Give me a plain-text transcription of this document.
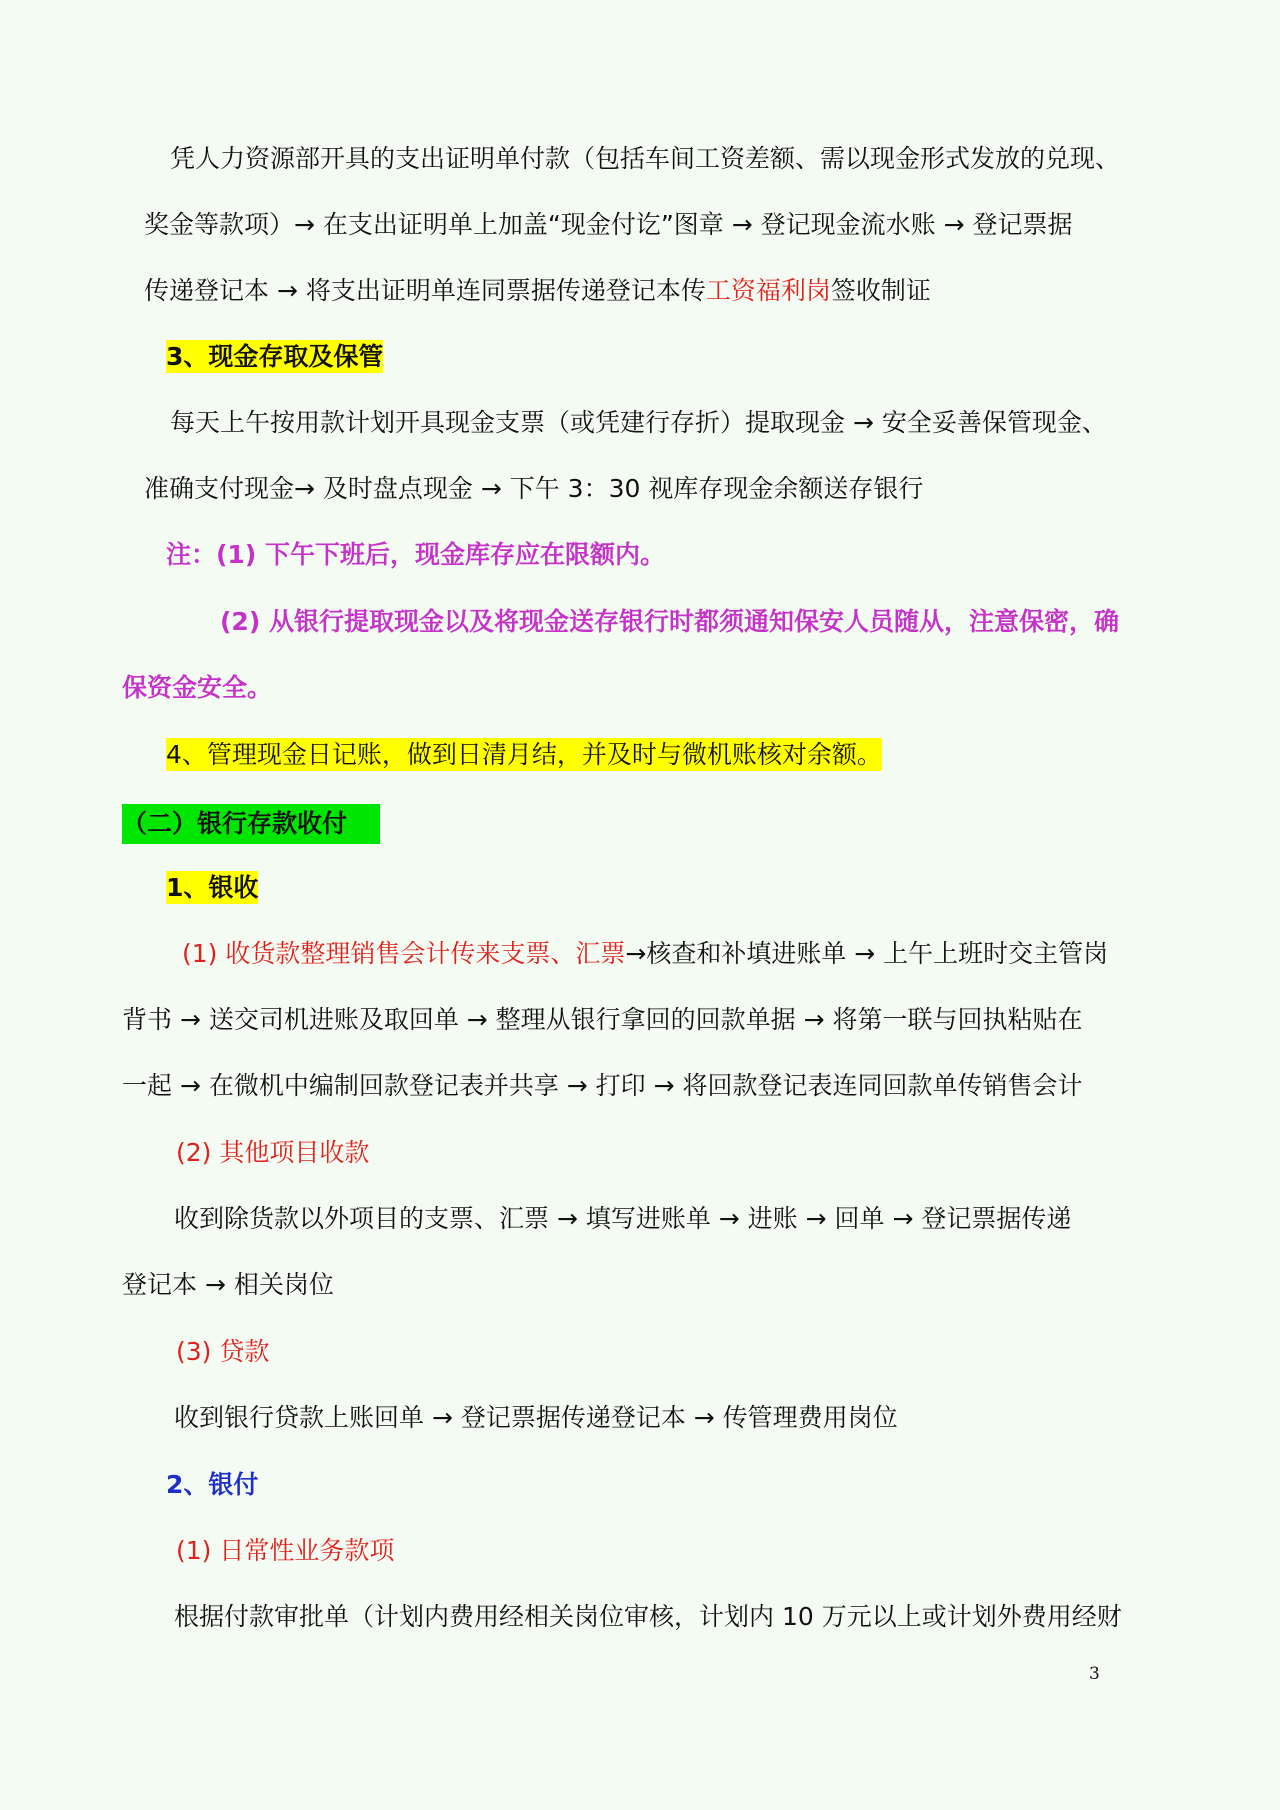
凭人力资源部开具的支出证明单付款（包括车间工资差额、需以现金形式发放的兑现、
奖金等款项）→ 在支出证明单上加盖“现金付讫”图章 → 登记现金流水账 → 登记票据
传递登记本 → 将支出证明单连同票据传递登记本传工资福利岗签收制证
3、现金存取及保管
每天上午按用款计划开具现金支票（或凭建行存折）提取现金 → 安全妥善保管现金、
准确支付现金→ 及时盘点现金 → 下午 3：30 视库存现金余额送存银行
注：(1) 下午下班后，现金库存应在限额内。
(2) 从银行提取现金以及将现金送存银行时都须通知保安人员随从，注意保密，确
保资金安全。
4、管理现金日记账，做到日清月结，并及时与微机账核对余额。
（二）银行存款收付
1、银收
(1) 收货款整理销售会计传来支票、汇票→核查和补填进账单 → 上午上班时交主管岗
背书 → 送交司机进账及取回单 → 整理从银行拿回的回款单据 → 将第一联与回执粘贴在
一起 → 在微机中编制回款登记表并共享 → 打印 → 将回款登记表连同回款单传销售会计
(2) 其他项目收款
收到除货款以外项目的支票、汇票 → 填写进账单 → 进账 → 回单 → 登记票据传递
登记本 → 相关岗位
(3) 贷款
收到银行贷款上账回单 → 登记票据传递登记本 → 传管理费用岗位
2、银付
(1) 日常性业务款项
根据付款审批单（计划内费用经相关岗位审核，计划内 10 万元以上或计划外费用经财
3
